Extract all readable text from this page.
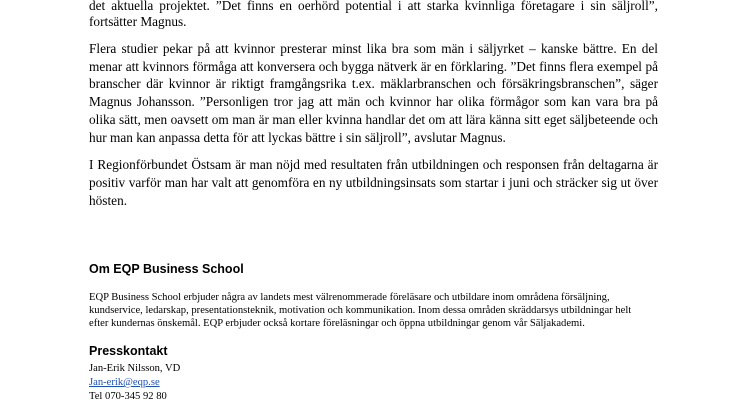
det aktuella projektet. ”Det finns en oerhörd potential i att starka kvinnliga företagare i sin säljroll”,
fortsätter Magnus.
Flera studier pekar på att kvinnor presterar minst lika bra som män i säljyrket – kanske bättre. En del
menar att kvinnors förmåga att konversera och bygga nätverk är en förklaring. ”Det finns flera exempel på
branscher där kvinnor är riktigt framgångsrika t.ex. mäklarbranschen och försäkringsbranschen”, säger
Magnus Johansson. ”Personligen tror jag att män och kvinnor har olika förmågor som kan vara bra på
olika sätt, men oavsett om man är man eller kvinna handlar det om att lära känna sitt eget säljbeteende och
hur man kan anpassa detta för att lyckas bättre i sin säljroll”, avslutar Magnus.
I Regionförbundet Östsam är man nöjd med resultaten från utbildningen och responsen från deltagarna är
positiv varför man har valt att genomföra en ny utbildningsinsats som startar i juni och sträcker sig ut över
hösten.
Om EQP Business School
EQP Business School erbjuder några av landets mest välrenommerade föreläsare och utbildare inom områdena försäljning,
kundservice, ledarskap, presentationsteknik, motivation och kommunikation. Inom dessa områden skräddarsys utbildningar helt
efter kundernas önskemål. EQP erbjuder också kortare föreläsningar och öppna utbildningar genom vår Säljakademi.
Presskontakt
Jan-Erik Nilsson, VD
Jan-erik@eqp.se
Tel 070-345 92 80
